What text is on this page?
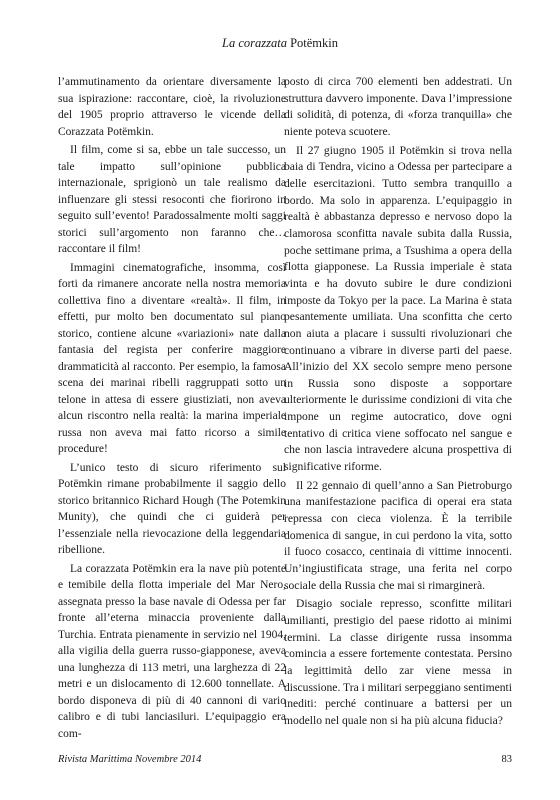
La corazzata Potëmkin

l’ammutinamento da orientare diversamente la sua ispirazione: raccontare, cioè, la rivoluzione del 1905 proprio attraverso le vicende della Corazzata Potëmkin.

Il film, come si sa, ebbe un tale successo, un tale impatto sull’opinione pubblica internazionale, sprigionò un tale realismo da influenzare gli stessi resoconti che fiorirono in seguito sull’evento! Paradossalmente molti saggi storici sull’argomento non faranno che… raccontare il film!

Immagini cinematografiche, insomma, così forti da rimanere ancorate nella nostra memoria collettiva fino a diventare «realtà». Il film, in effetti, pur molto ben documentato sul piano storico, contiene alcune «variazioni» nate dalla fantasia del regista per conferire maggiore drammaticità al racconto. Per esempio, la famosa scena dei marinai ribelli raggruppati sotto un telone in attesa di essere giustiziati, non aveva alcun riscontro nella realtà: la marina imperiale russa non aveva mai fatto ricorso a simile procedure!

L’unico testo di sicuro riferimento sul Potëmkin rimane probabilmente il saggio dello storico britannico Richard Hough (The Potemkin Munity), che quindi che ci guiderà per l’essenziale nella rievocazione della leggendaria ribellione.

La corazzata Potëmkin era la nave più potente e temibile della flotta imperiale del Mar Nero, assegnata presso la base navale di Odessa per far fronte all’eterna minaccia proveniente dalla Turchia. Entrata pienamente in servizio nel 1904, alla vigilia della guerra russo-giapponese, aveva una lunghezza di 113 metri, una larghezza di 22 metri e un dislocamento di 12.600 tonnellate. A bordo disponeva di più di 40 cannoni di vario calibro e di tubi lanciasiluri. L’equipaggio era com-

posto di circa 700 elementi ben addestrati. Un struttura davvero imponente. Dava l’impressione di solidità, di potenza, di «forza tranquilla» che niente poteva scuotere.

Il 27 giugno 1905 il Potëmkin si trova nella baia di Tendra, vicino a Odessa per partecipare a delle esercitazioni. Tutto sembra tranquillo a bordo. Ma solo in apparenza. L’equipaggio in realtà è abbastanza depresso e nervoso dopo la clamorosa sconfitta navale subita dalla Russia, poche settimane prima, a Tsushima a opera della flotta giapponese. La Russia imperiale è stata vinta e ha dovuto subire le dure condizioni imposte da Tokyo per la pace. La Marina è stata pesantemente umiliata. Una sconfitta che certo non aiuta a placare i sussulti rivoluzionari che continuano a vibrare in diverse parti del paese. All’inizio del XX secolo sempre meno persone in Russia sono disposte a sopportare ulteriormente le durissime condizioni di vita che impone un regime autocratico, dove ogni tentativo di critica viene soffocato nel sangue e che non lascia intravedere alcuna prospettiva di significative riforme.

Il 22 gennaio di quell’anno a San Pietroburgo una manifestazione pacifica di operai era stata repressa con cieca violenza. È la terribile domenica di sangue, in cui perdono la vita, sotto il fuoco cosacco, centinaia di vittime innocenti. Un’ingiustificata strage, una ferita nel corpo sociale della Russia che mai si rimarginerà.

Disagio sociale represso, sconfitte militari umilianti, prestigio del paese ridotto ai minimi termini. La classe dirigente russa insomma comincia a essere fortemente contestata. Persino la legittimità dello zar viene messa in discussione. Tra i militari serpeggiano sentimenti inediti: perché continuare a battersi per un modello nel quale non si ha più alcuna fiducia?

Rivista Marittima Novembre 2014	83
